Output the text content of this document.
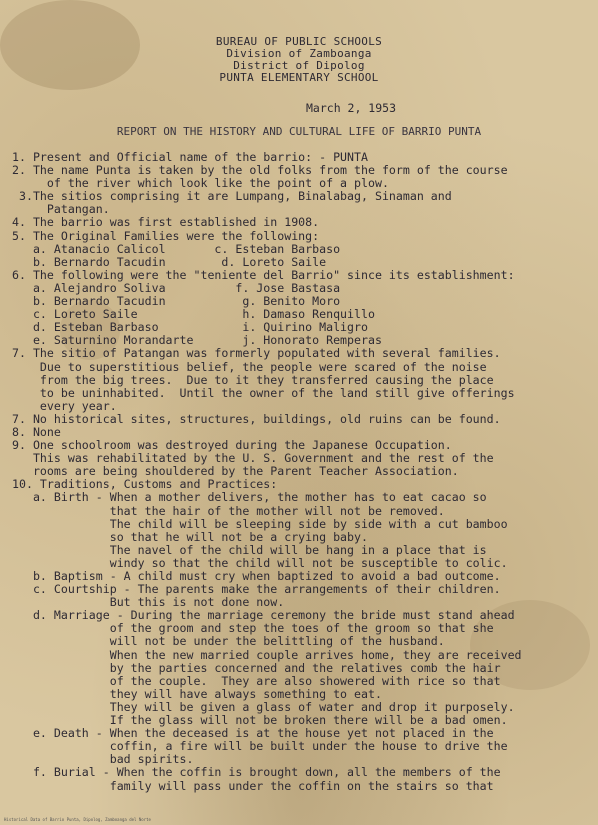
BUREAU OF PUBLIC SCHOOLS
Division of Zamboanga
District of Dipolog
PUNTA ELEMENTARY SCHOOL
March 2, 1953
REPORT ON THE HISTORY AND CULTURAL LIFE OF BARRIO PUNTA
1. Present and Official name of the barrio: - PUNTA
2. The name Punta is taken by the old folks from the form of the course
of the river which look like the point of a plow.
3.The sitios comprising it are Lumpang, Binalabag, Sinaman and
Patangan.
4. The barrio was first established in 1908.
5. The Original Families were the following:
a. Atanacio Calicol       c. Esteban Barbaso
b. Bernardo Tacudin        d. Loreto Saile
6. The following were the "teniente del Barrio" since its establishment:
a. Alejandro Soliva          f. Jose Bastasa
b. Bernardo Tacudin           g. Benito Moro
c. Loreto Saile               h. Damaso Renquillo
d. Esteban Barbaso            i. Quirino Maligro
e. Saturnino Morandarte       j. Honorato Remperas
7. The sitio of Patangan was formerly populated with several families.
Due to superstitious belief, the people were scared of the noise
from the big trees.  Due to it they transferred causing the place
to be uninhabited.  Until the owner of the land still give offerings
every year.
7. No historical sites, structures, buildings, old ruins can be found.
8. None
9. One schoolroom was destroyed during the Japanese Occupation.
This was rehabilitated by the U. S. Government and the rest of the
rooms are being shouldered by the Parent Teacher Association.
10. Traditions, Customs and Practices:
a. Birth - When a mother delivers, the mother has to eat cacao so
that the hair of the mother will not be removed.
The child will be sleeping side by side with a cut bamboo
so that he will not be a crying baby.
The navel of the child will be hang in a place that is
windy so that the child will not be susceptible to colic.
b. Baptism - A child must cry when baptized to avoid a bad outcome.
c. Courtship - The parents make the arrangements of their children.
But this is not done now.
d. Marriage - During the marriage ceremony the bride must stand ahead
of the groom and step the toes of the groom so that she
will not be under the belittling of the husband.
When the new married couple arrives home, they are received
by the parties concerned and the relatives comb the hair
of the couple.  They are also showered with rice so that
they will have always something to eat.
They will be given a glass of water and drop it purposely.
If the glass will not be broken there will be a bad omen.
e. Death - When the deceased is at the house yet not placed in the
coffin, a fire will be built under the house to drive the
bad spirits.
f. Burial - When the coffin is brought down, all the members of the
family will pass under the coffin on the stairs so that
Historical Data of Barrio Punta, Dipolog, Zamboanga del Norte
